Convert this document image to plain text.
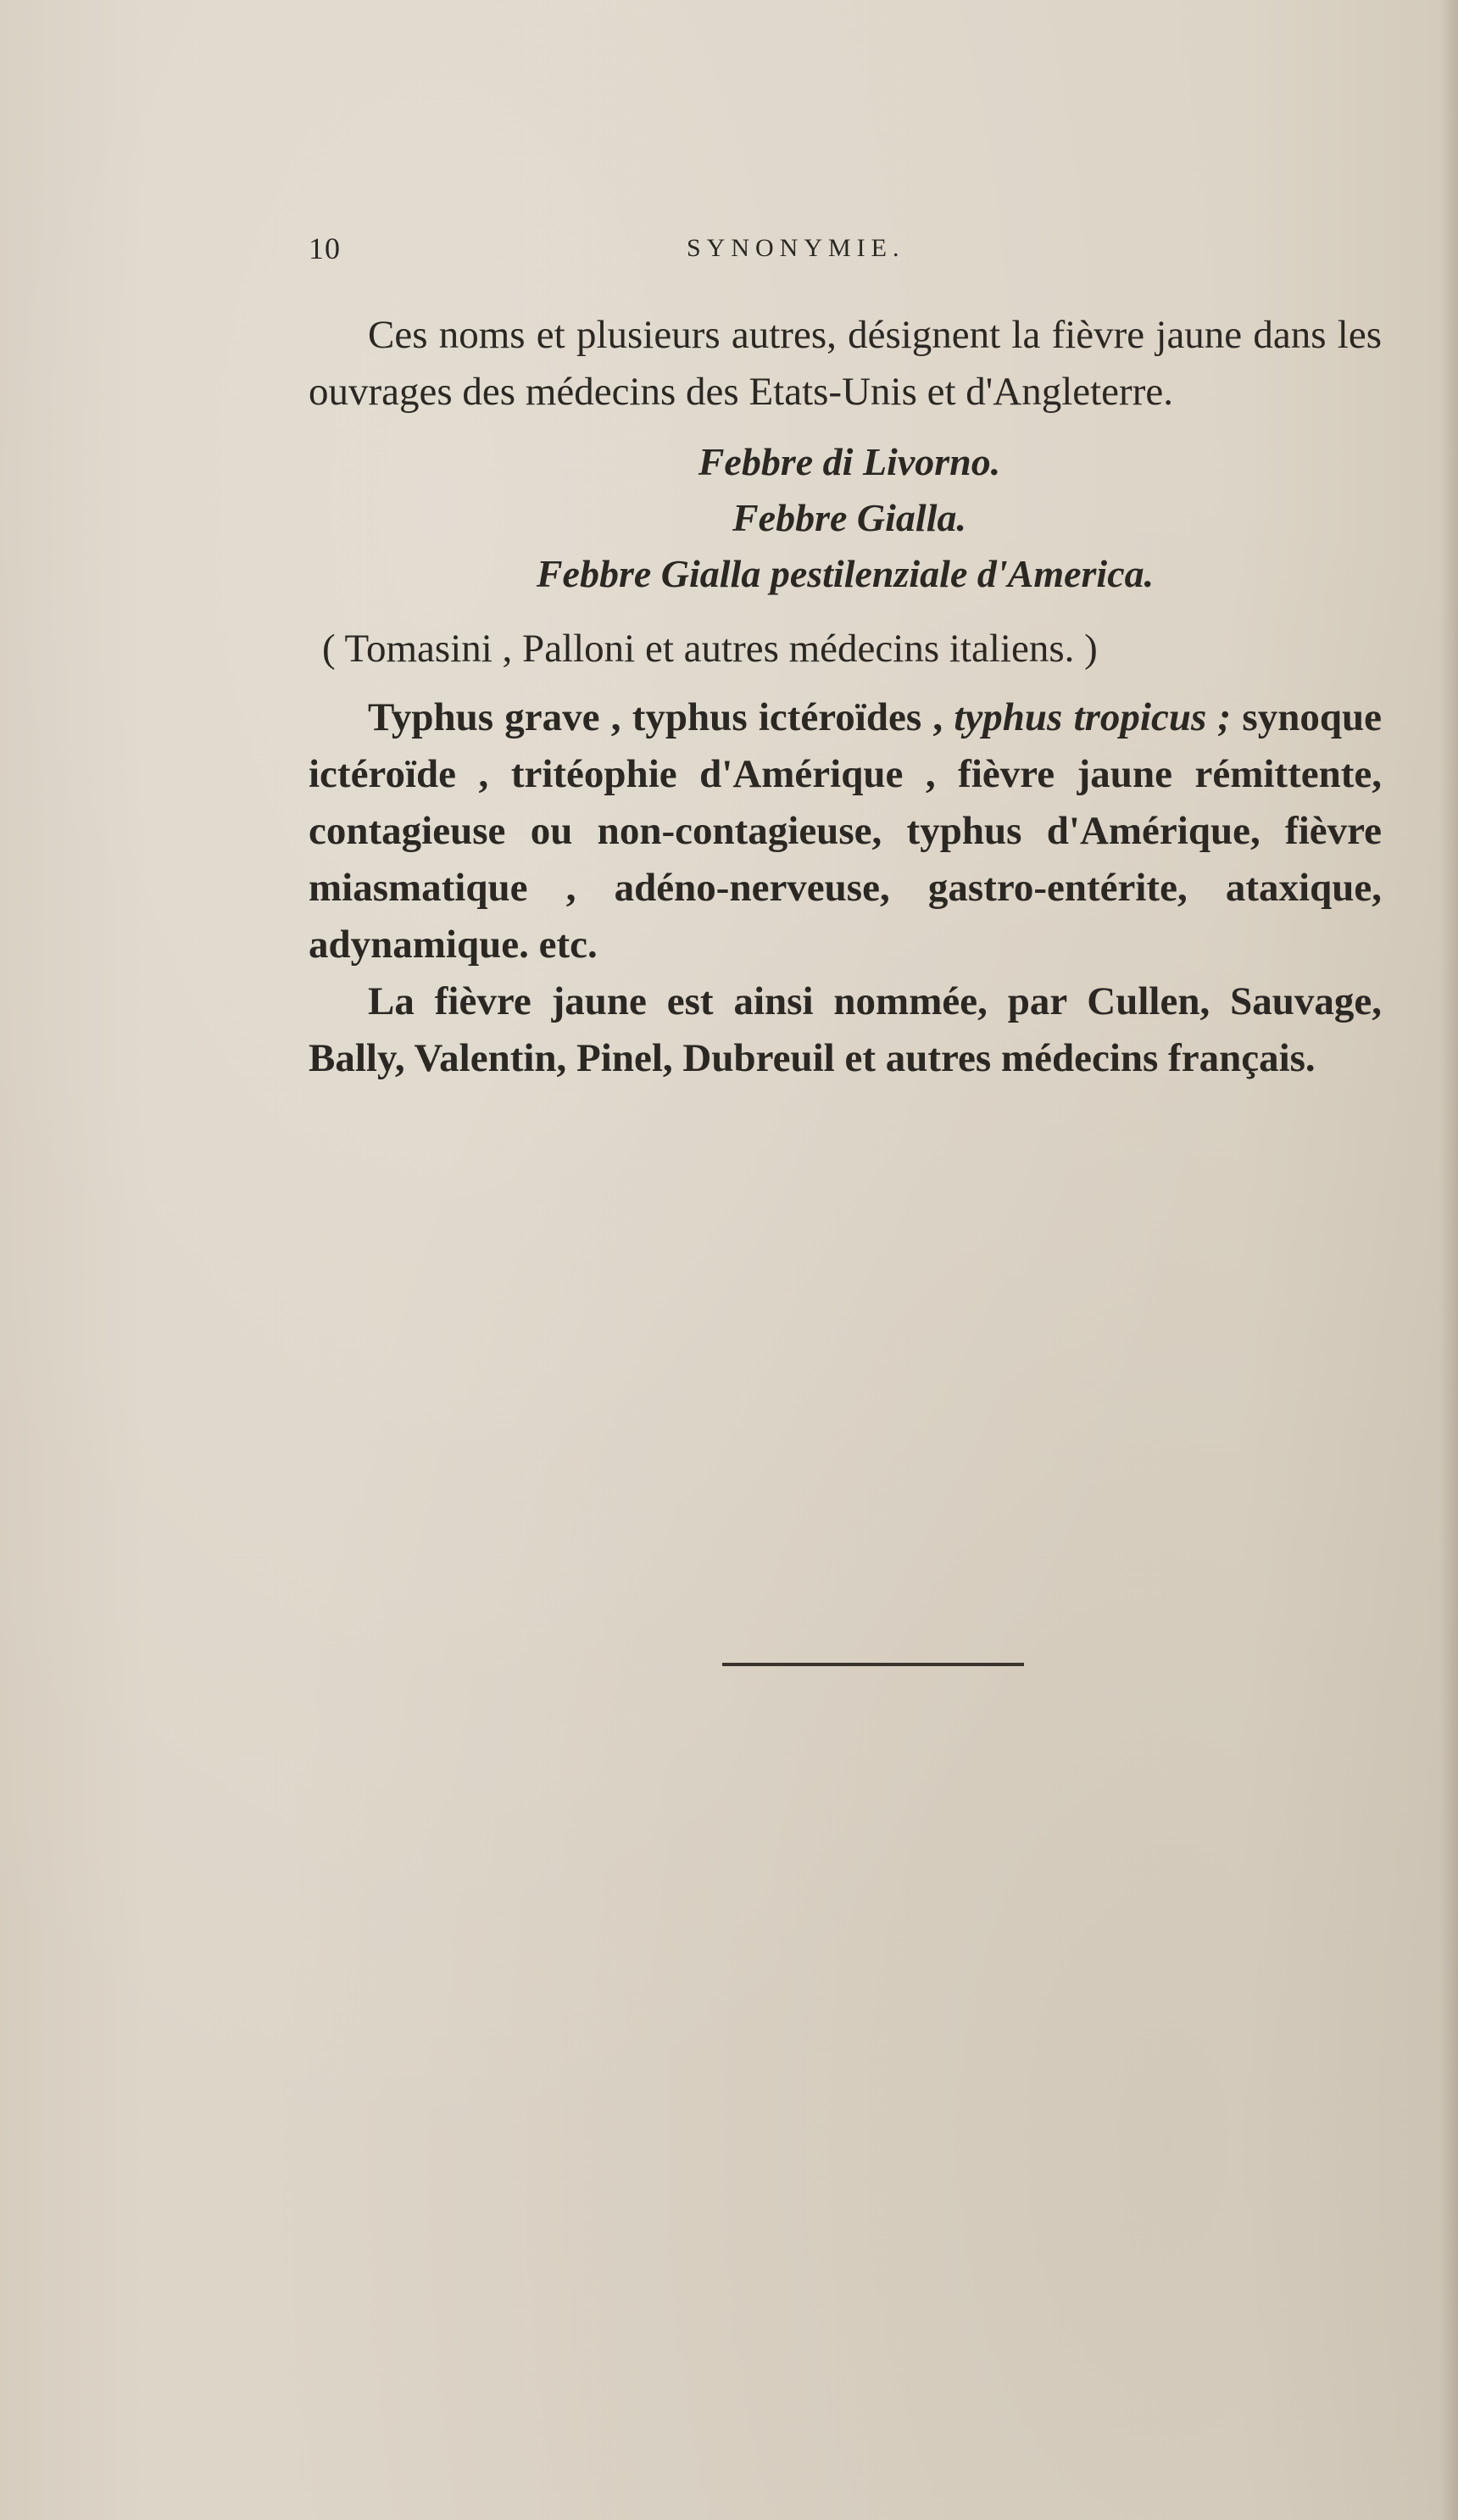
10	SYNONYMIE.

Ces noms et plusieurs autres, désignent la fièvre jaune dans les ouvrages des médecins des Etats-Unis et d'Angleterre.

Febbre di Livorno.
Febbre Gialla.
Febbre Gialla pestilenziale d'America.

( Tomasini , Palloni et autres médecins italiens. )

Typhus grave , typhus ictéroïdes , typhus tropicus ; synoque ictéroïde , tritéophie d'Amérique , fièvre jaune rémittente, contagieuse ou non-contagieuse, typhus d'Amérique, fièvre miasmatique , adéno-nerveuse, gastro-entérite, ataxique, adynamique. etc.

La fièvre jaune est ainsi nommée, par Cullen, Sauvage, Bally, Valentin, Pinel, Dubreuil et autres médecins français.
